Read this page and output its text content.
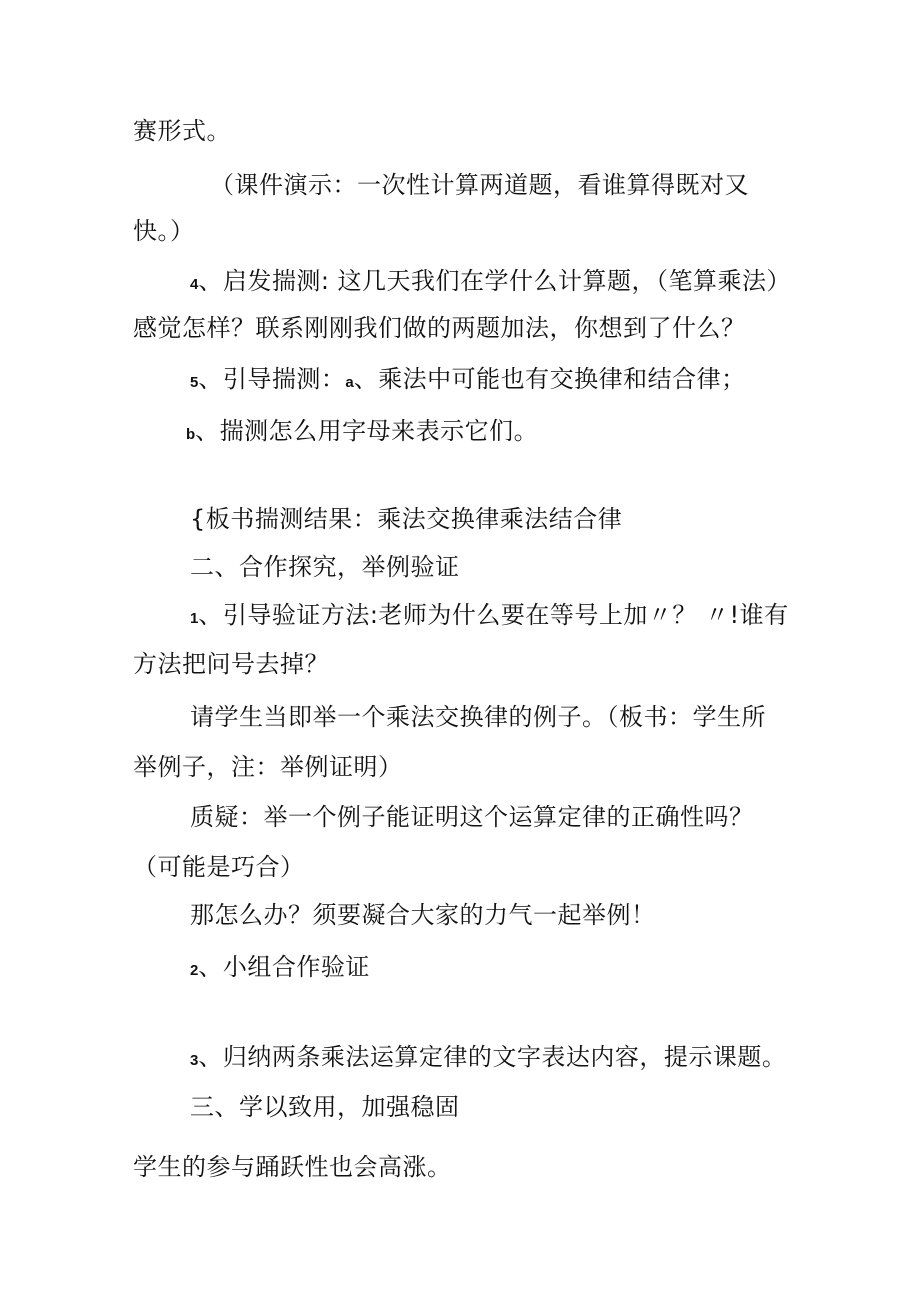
赛形式。
（课件演示：一次性计算两道题，看谁算得既对又
快。）
4、启发揣测: 这几天我们在学什么计算题，（笔算乘法）
感觉怎样？联系刚刚我们做的两题加法，你想到了什么？
5、引导揣测：a、乘法中可能也有交换律和结合律；
b、揣测怎么用字母来表示它们。
{板书揣测结果：乘法交换律乘法结合律
二、合作探究，举例验证
1、引导验证方法:老师为什么要在等号上加〃？ 〃!谁有
方法把问号去掉？
请学生当即举一个乘法交换律的例子。（板书：学生所
举例子，注：举例证明）
质疑：举一个例子能证明这个运算定律的正确性吗？
（可能是巧合）
那怎么办？须要凝合大家的力气一起举例！
2、小组合作验证
3、归纳两条乘法运算定律的文字表达内容，提示课题。
三、学以致用，加强稳固
学生的参与踊跃性也会高涨。
